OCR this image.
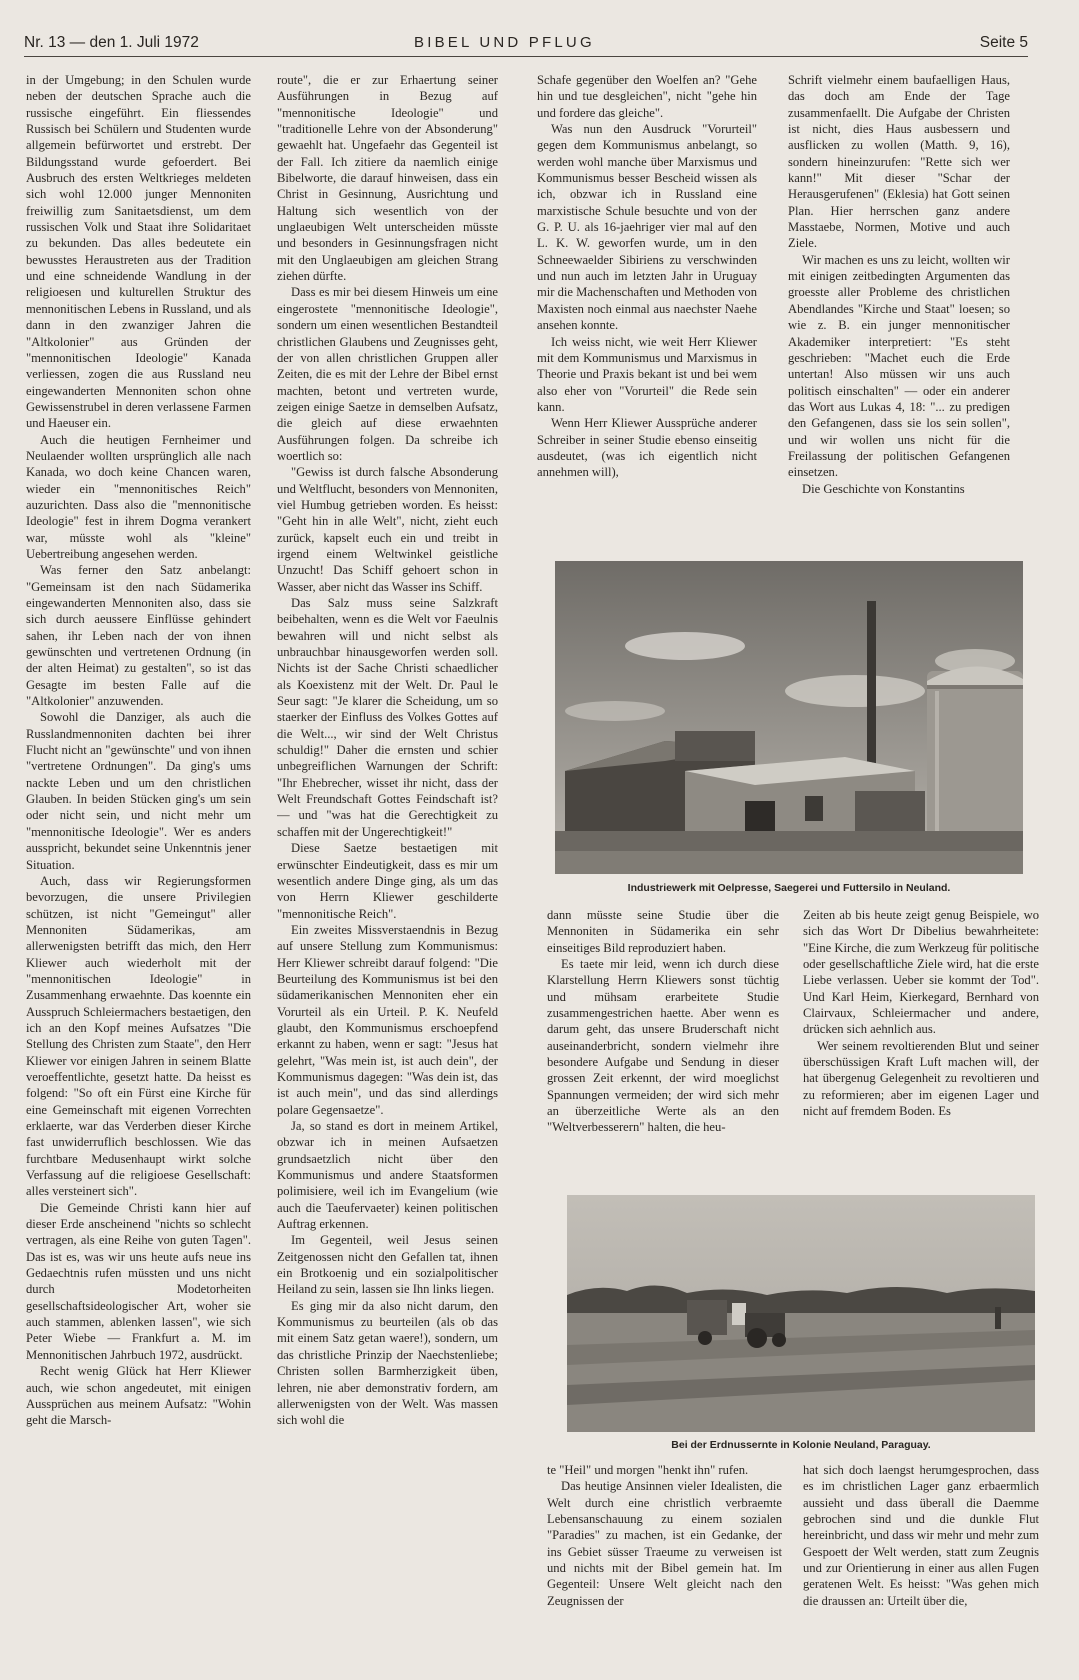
Nr. 13 — den 1. Juli 1972	BIBEL UND PFLUG	Seite 5

in der Umgebung; in den Schulen wurde neben der deutschen Sprache auch die russische eingeführt. Ein fliessendes Russisch bei Schülern und Studenten wurde allgemein befürwortet und erstrebt. Der Bildungsstand wurde gefoerdert. Bei Ausbruch des ersten Weltkrieges meldeten sich wohl 12.000 junger Mennoniten freiwillig zum Sanitaetsdienst, um dem russischen Volk und Staat ihre Solidaritaet zu bekunden. Das alles bedeutete ein bewusstes Heraustreten aus der Tradition und eine schneidende Wandlung in der religioesen und kulturellen Struktur des mennonitischen Lebens in Russland, und als dann in den zwanziger Jahren die "Altkolonier" aus Gründen der "mennonitischen Ideologie" Kanada verliessen, zogen die aus Russland neu eingewanderten Mennoniten schon ohne Gewissenstrubel in deren verlassene Farmen und Haeuser ein.

Auch die heutigen Fernheimer und Neulaender wollten ursprünglich alle nach Kanada, wo doch keine Chancen waren, wieder ein "mennonitisches Reich" auzurichten. Dass also die "mennonitische Ideologie" fest in ihrem Dogma verankert war, müsste wohl als "kleine" Uebertreibung angesehen werden.

Was ferner den Satz anbelangt: "Gemeinsam ist den nach Südamerika eingewanderten Mennoniten also, dass sie sich durch aeussere Einflüsse gehindert sahen, ihr Leben nach der von ihnen gewünschten und vertretenen Ordnung (in der alten Heimat) zu gestalten", so ist das Gesagte im besten Falle auf die "Altkolonier" anzuwenden.

Sowohl die Danziger, als auch die Russlandmennoniten dachten bei ihrer Flucht nicht an "gewünschte" und von ihnen "vertretene Ordnungen". Da ging's ums nackte Leben und um den christlichen Glauben. In beiden Stücken ging's um sein oder nicht sein, und nicht mehr um "mennonitische Ideologie". Wer es anders ausspricht, bekundet seine Unkenntnis jener Situation.

Auch, dass wir Regierungsformen bevorzugen, die unsere Privilegien schützen, ist nicht "Gemeingut" aller Mennoniten Südamerikas, am allerwenigsten betrifft das mich, den Herr Kliewer auch wiederholt mit der "mennonitischen Ideologie" in Zusammenhang erwaehnte. Das koennte ein Ausspruch Schleiermachers bestaetigen, den ich an den Kopf meines Aufsatzes "Die Stellung des Christen zum Staate", den Herr Kliewer vor einigen Jahren in seinem Blatte veroeffentlichte, gesetzt hatte. Da heisst es folgend: "So oft ein Fürst eine Kirche für eine Gemeinschaft mit eigenen Vorrechten erklaerte, war das Verderben dieser Kirche fast unwiderruflich beschlossen. Wie das furchtbare Medusenhaupt wirkt solche Verfassung auf die religioese Gesellschaft: alles versteinert sich".

Die Gemeinde Christi kann hier auf dieser Erde anscheinend "nichts so schlecht vertragen, als eine Reihe von guten Tagen". Das ist es, was wir uns heute aufs neue ins Gedaechtnis rufen müssten und uns nicht durch Modetorheiten gesellschaftsideologischer Art, woher sie auch stammen, ablenken lassen", wie sich Peter Wiebe — Frankfurt a. M. im Mennonitischen Jahrbuch 1972, ausdrückt.

Recht wenig Glück hat Herr Kliewer auch, wie schon angedeutet, mit einigen Aussprüchen aus meinem Aufsatz: "Wohin geht die Marsch-

route", die er zur Erhaertung seiner Ausführungen in Bezug auf "mennonitische Ideologie" und "traditionelle Lehre von der Absonderung" gewaehlt hat. Ungefaehr das Gegenteil ist der Fall. Ich zitiere da naemlich einige Bibelworte, die darauf hinweisen, dass ein Christ in Gesinnung, Ausrichtung und Haltung sich wesentlich von der unglaeubigen Welt unterscheiden müsste und besonders in Gesinnungsfragen nicht mit den Unglaeubigen am gleichen Strang ziehen dürfte.

Dass es mir bei diesem Hinweis um eine eingerostete "mennonitische Ideologie", sondern um einen wesentlichen Bestandteil christlichen Glaubens und Zeugnisses geht, der von allen christlichen Gruppen aller Zeiten, die es mit der Lehre der Bibel ernst machten, betont und vertreten wurde, zeigen einige Saetze in demselben Aufsatz, die gleich auf diese erwaehnten Ausführungen folgen. Da schreibe ich woertlich so:

"Gewiss ist durch falsche Absonderung und Weltflucht, besonders von Mennoniten, viel Humbug getrieben worden. Es heisst: "Geht hin in alle Welt", nicht, zieht euch zurück, kapselt euch ein und treibt in irgend einem Weltwinkel geistliche Unzucht! Das Schiff gehoert schon in Wasser, aber nicht das Wasser ins Schiff.

Das Salz muss seine Salzkraft beibehalten, wenn es die Welt vor Faeulnis bewahren will und nicht selbst als unbrauchbar hinausgeworfen werden soll. Nichts ist der Sache Christi schaedlicher als Koexistenz mit der Welt. Dr. Paul le Seur sagt: "Je klarer die Scheidung, um so staerker der Einfluss des Volkes Gottes auf die Welt..., wir sind der Welt Christus schuldig!" Daher die ernsten und schier unbegreiflichen Warnungen der Schrift: "Ihr Ehebrecher, wisset ihr nicht, dass der Welt Freundschaft Gottes Feindschaft ist? — und "was hat die Gerechtigkeit zu schaffen mit der Ungerechtigkeit!"

Diese Saetze bestaetigen mit erwünschter Eindeutigkeit, dass es mir um wesentlich andere Dinge ging, als um das von Herrn Kliewer geschilderte "mennonitische Reich".

Ein zweites Missverstaendnis in Bezug auf unsere Stellung zum Kommunismus: Herr Kliewer schreibt darauf folgend: "Die Beurteilung des Kommunismus ist bei den südamerikanischen Mennoniten eher ein Vorurteil als ein Urteil. P. K. Neufeld glaubt, den Kommunismus erschoepfend erkannt zu haben, wenn er sagt: "Jesus hat gelehrt, "Was mein ist, ist auch dein", der Kommunismus dagegen: "Was dein ist, das ist auch mein", und das sind allerdings polare Gegensaetze".

Ja, so stand es dort in meinem Artikel, obzwar ich in meinen Aufsaetzen grundsaetzlich nicht über den Kommunismus und andere Staatsformen polimisiere, weil ich im Evangelium (wie auch die Taeufervaeter) keinen politischen Auftrag erkennen.

Im Gegenteil, weil Jesus seinen Zeitgenossen nicht den Gefallen tat, ihnen ein Brotkoenig und ein sozialpolitischer Heiland zu sein, lassen sie Ihn links liegen.

Es ging mir da also nicht darum, den Kommunismus zu beurteilen (als ob das mit einem Satz getan waere!), sondern, um das christliche Prinzip der Naechstenliebe; Christen sollen Barmherzigkeit üben, lehren, nie aber demonstrativ fordern, am allerwenigsten von der Welt. Was massen sich wohl die

Schafe gegenüber den Woelfen an? "Gehe hin und tue desgleichen", nicht "gehe hin und fordere das gleiche".

Was nun den Ausdruck "Vorurteil" gegen dem Kommunismus anbelangt, so werden wohl manche über Marxismus und Kommunismus besser Bescheid wissen als ich, obzwar ich in Russland eine marxistische Schule besuchte und von der G. P. U. als 16-jaehriger vier mal auf den L. K. W. geworfen wurde, um in den Schneewaelder Sibiriens zu verschwinden und nun auch im letzten Jahr in Uruguay mir die Machenschaften und Methoden von Maxisten noch einmal aus naechster Naehe ansehen konnte.

Ich weiss nicht, wie weit Herr Kliewer mit dem Kommunismus und Marxismus in Theorie und Praxis bekant ist und bei wem also eher von "Vorurteil" die Rede sein kann.

Wenn Herr Kliewer Aussprüche anderer Schreiber in seiner Studie ebenso einseitig ausdeutet, (was ich eigentlich nicht annehmen will),

Schrift vielmehr einem baufaelligen Haus, das doch am Ende der Tage zusammenfaellt. Die Aufgabe der Christen ist nicht, dies Haus ausbessern und ausflicken zu wollen (Matth. 9, 16), sondern hineinzurufen: "Rette sich wer kann!" Mit dieser "Schar der Herausgerufenen" (Eklesia) hat Gott seinen Plan. Hier herrschen ganz andere Masstaebe, Normen, Motive und auch Ziele.

Wir machen es uns zu leicht, wollten wir mit einigen zeitbedingten Argumenten das groesste aller Probleme des christlichen Abendlandes "Kirche und Staat" loesen; so wie z. B. ein junger mennonitischer Akademiker interpretiert: "Es steht geschrieben: "Machet euch die Erde untertan! Also müssen wir uns auch politisch einschalten" — oder ein anderer das Wort aus Lukas 4, 18: "... zu predigen den Gefangenen, dass sie los sein sollen", und wir wollen uns nicht für die Freilassung der politischen Gefangenen einsetzen.

Die Geschichte von Konstantins

Industriewerk mit Oelpresse, Saegerei und Futtersilo in Neuland.

dann müsste seine Studie über die Mennoniten in Südamerika ein sehr einseitiges Bild reproduziert haben.

Es taete mir leid, wenn ich durch diese Klarstellung Herrn Kliewers sonst tüchtig und mühsam erarbeitete Studie zusammengestrichen haette. Aber wenn es darum geht, das unsere Bruderschaft nicht auseinanderbricht, sondern vielmehr ihre besondere Aufgabe und Sendung in dieser grossen Zeit erkennt, der wird moeglichst Spannungen vermeiden; der wird sich mehr an überzeitliche Werte als an den "Weltverbesserern" halten, die heu-

Zeiten ab bis heute zeigt genug Beispiele, wo sich das Wort Dr Dibelius bewahrheitete: "Eine Kirche, die zum Werkzeug für politische oder gesellschaftliche Ziele wird, hat die erste Liebe verlassen. Ueber sie kommt der Tod". Und Karl Heim, Kierkegard, Bernhard von Clairvaux, Schleiermacher und andere, drücken sich aehnlich aus.

Wer seinem revoltierenden Blut und seiner überschüssigen Kraft Luft machen will, der hat übergenug Gelegenheit zu revoltieren und zu reformieren; aber im eigenen Lager und nicht auf fremdem Boden. Es

Bei der Erdnussernte in Kolonie Neuland, Paraguay.

te "Heil" und morgen "henkt ihn" rufen.

Das heutige Ansinnen vieler Idealisten, die Welt durch eine christlich verbraemte Lebensanschauung zu einem sozialen "Paradies" zu machen, ist ein Gedanke, der ins Gebiet süsser Traeume zu verweisen ist und nichts mit der Bibel gemein hat. Im Gegenteil: Unsere Welt gleicht nach den Zeugnissen der

hat sich doch laengst herumgesprochen, dass es im christlichen Lager ganz erbaermlich aussieht und dass überall die Daemme gebrochen sind und die dunkle Flut hereinbricht, und dass wir mehr und mehr zum Gespoett der Welt werden, statt zum Zeugnis und zur Orientierung in einer aus allen Fugen geratenen Welt. Es heisst: "Was gehen mich die draussen an: Urteilt über die,
